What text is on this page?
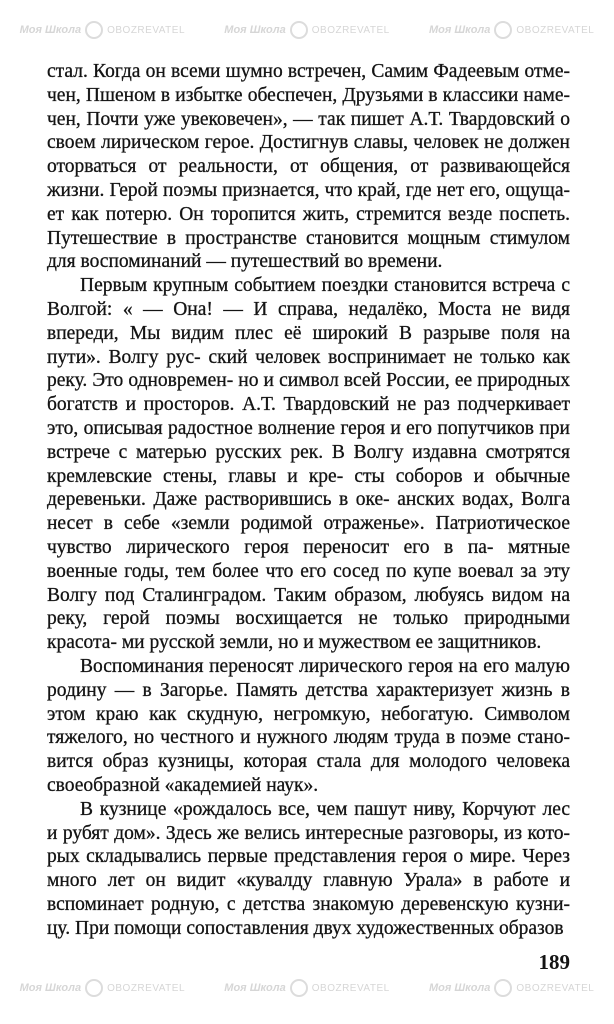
Моя Школа	OBOZREVATEL	Моя Школа	OBOZREVATEL	Моя Школа	OBOZREVATEL

стал. Когда он всеми шумно встречен, Самим Фадеевым отме- чен, Пшеном в избытке обеспечен, Друзьями в классики наме- чен, Почти уже увековечен», — так пишет А.Т. Твардовский о своем лирическом герое. Достигнув славы, человек не должен оторваться от реальности, от общения, от развивающейся жизни. Герой поэмы признается, что край, где нет его, ощуща- ет как потерю. Он торопится жить, стремится везде поспеть. Путешествие в пространстве становится мощным стимулом для воспоминаний — путешествий во времени.

Первым крупным событием поездки становится встреча с Волгой: « — Она! — И справа, недалёко, Моста не видя впереди, Мы видим плес её широкий В разрыве поля на пути». Волгу рус- ский человек воспринимает не только как реку. Это одновремен- но и символ всей России, ее природных богатств и просторов. А.Т. Твардовский не раз подчеркивает это, описывая радостное волнение героя и его попутчиков при встрече с матерью русских рек. В Волгу издавна смотрятся кремлевские стены, главы и кре- сты соборов и обычные деревеньки. Даже растворившись в оке- анских водах, Волга несет в себе «земли родимой отраженье». Патриотическое чувство лирического героя переносит его в па- мятные военные годы, тем более что его сосед по купе воевал за эту Волгу под Сталинградом. Таким образом, любуясь видом на реку, герой поэмы восхищается не только природными красота- ми русской земли, но и мужеством ее защитников.

Воспоминания переносят лирического героя на его малую родину — в Загорье. Память детства характеризует жизнь в этом краю как скудную, негромкую, небогатую. Символом тяжелого, но честного и нужного людям труда в поэме стано- вится образ кузницы, которая стала для молодого человека своеобразной «академией наук».

В кузнице «рождалось все, чем пашут ниву, Корчуют лес и рубят дом». Здесь же велись интересные разговоры, из кото- рых складывались первые представления героя о мире. Через много лет он видит «кувалду главную Урала» в работе и вспоминает родную, с детства знакомую деревенскую кузни- цу. При помощи сопоставления двух художественных образов

189
Моя Школа	OBOZREVATEL	Моя Школа	OBOZREVATEL	Моя Школа	OBOZREVATEL
